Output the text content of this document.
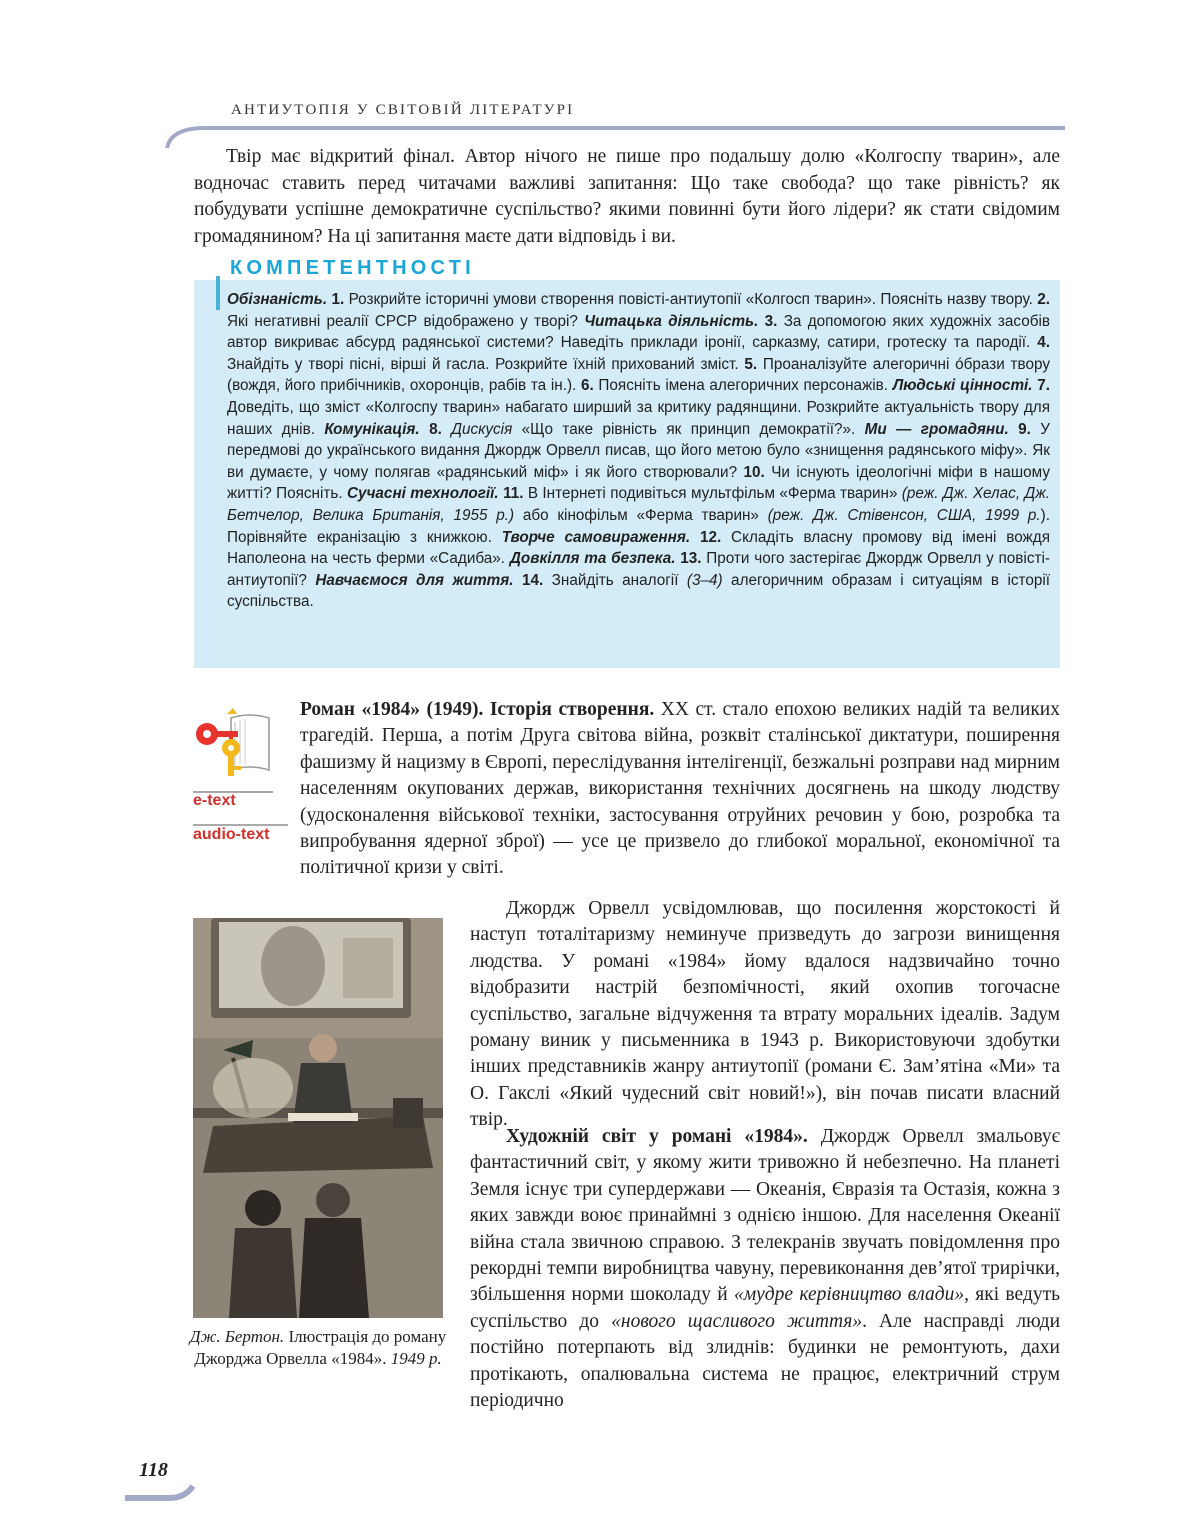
АНТИУТОПІЯ У СВІТОВІЙ ЛІТЕРАТУРІ

Твір має відкритий фінал. Автор нічого не пише про подальшу долю «Колгоспу тварин», але водночас ставить перед читачами важливі запитання: Що таке свобода? що таке рівність? як побудувати успішне демократичне суспільство? якими повинні бути його лідери? як стати свідомим громадянином? На ці запитання маєте дати відповідь і ви.

Обізнаність. 1. Розкрийте історичні умови створення повісті-антиутопії «Колгосп тварин». Поясніть назву твору. 2. Які негативні реалії СРСР відображено у творі? Читацька діяльність. 3. За допомогою яких художніх засобів автор викриває абсурд радянської системи? Наведіть приклади іронії, сарказму, сатири, гротеску та пародії. 4. Знайдіть у творі пісні, вірші й гасла. Розкрийте їхній прихований зміст. 5. Проаналізуйте алегоричні óбрази твору (вождя, його прибічників, охоронців, рабів та ін.). 6. Поясніть імена алегоричних персонажів. Людські цінності. 7. Доведіть, що зміст «Колгоспу тварин» набагато ширший за критику радянщини. Розкрийте актуальність твору для наших днів. Комунікація. 8. Дискусія «Що таке рівність як принцип демократії?». Ми — громадяни. 9. У передмові до українського видання Джордж Орвелл писав, що його метою було «знищення радянського міфу». Як ви думаєте, у чому полягав «радянський міф» і як його створювали? 10. Чи існують ідеологічні міфи в нашому житті? Поясніть. Сучасні технології. 11. В Інтернеті подивіться мультфільм «Ферма тварин» (реж. Дж. Хелас, Дж. Бетчелор, Велика Британія, 1955 р.) або кінофільм «Ферма тварин» (реж. Дж. Стівенсон, США, 1999 р.). Порівняйте екранізацію з книжкою. Творче самовираження. 12. Складіть власну промову від імені вождя Наполеона на честь ферми «Садиба». Довкілля та безпека. 13. Проти чого застерігає Джордж Орвелл у повісті-антиутопії? Навчаємося для життя. 14. Знайдіть аналогії (3–4) алегоричним образам і ситуаціям в історії суспільства.

КОМПЕТЕНТНОСТІ
e-text
audio-text

Роман «1984» (1949). Історія створення. ХХ ст. стало епохою великих надій та великих трагедій. Перша, а потім Друга світова війна, розквіт сталінської диктатури, поширення фашизму й нацизму в Європі, переслідування інтелігенції, безжальні розправи над мирним населенням окупованих держав, використання технічних досягнень на шкоду людству (удосконалення військової техніки, застосування отруйних речовин у бою, розробка та випробування ядерної зброї) — усе це призвело до глибокої моральної, економічної та політичної кризи у світі.

Джордж Орвелл усвідомлював, що посилення жорстокості й наступ тоталітаризму неминуче призведуть до загрози винищення людства. У романі «1984» йому вдалося надзвичайно точно відобразити настрій безпомічності, який охопив тогочасне суспільство, загальне відчуження та втрату моральних ідеалів. Задум роману виник у письменника в 1943 р. Використовуючи здобутки інших представників жанру антиутопії (романи Є. Зам’ятіна «Ми» та О. Гакслі «Який чудесний світ новий!»), він почав писати власний твір.

Художній світ у романі «1984». Джордж Орвелл змальовує фантастичний світ, у якому жити тривожно й небезпечно. На планеті Земля існує три супердержави — Океанія, Євразія та Остазія, кожна з яких завжди воює принаймні з однією іншою. Для населення Океанії війна стала звичною справою. З телекранів звучать повідомлення про рекордні темпи виробництва чавуну, перевиконання дев’ятої трирічки, збільшення норми шоколаду й «мудре керівництво влади», які ведуть суспільство до «нового щасливого життя». Але насправді люди постійно потерпають від злиднів: будинки не ремонтують, дахи протікають, опалювальна система не працює, електричний струм періодично

Дж. Бертон. Ілюстрація до роману Джорджа Орвелла «1984». 1949 р.

118
